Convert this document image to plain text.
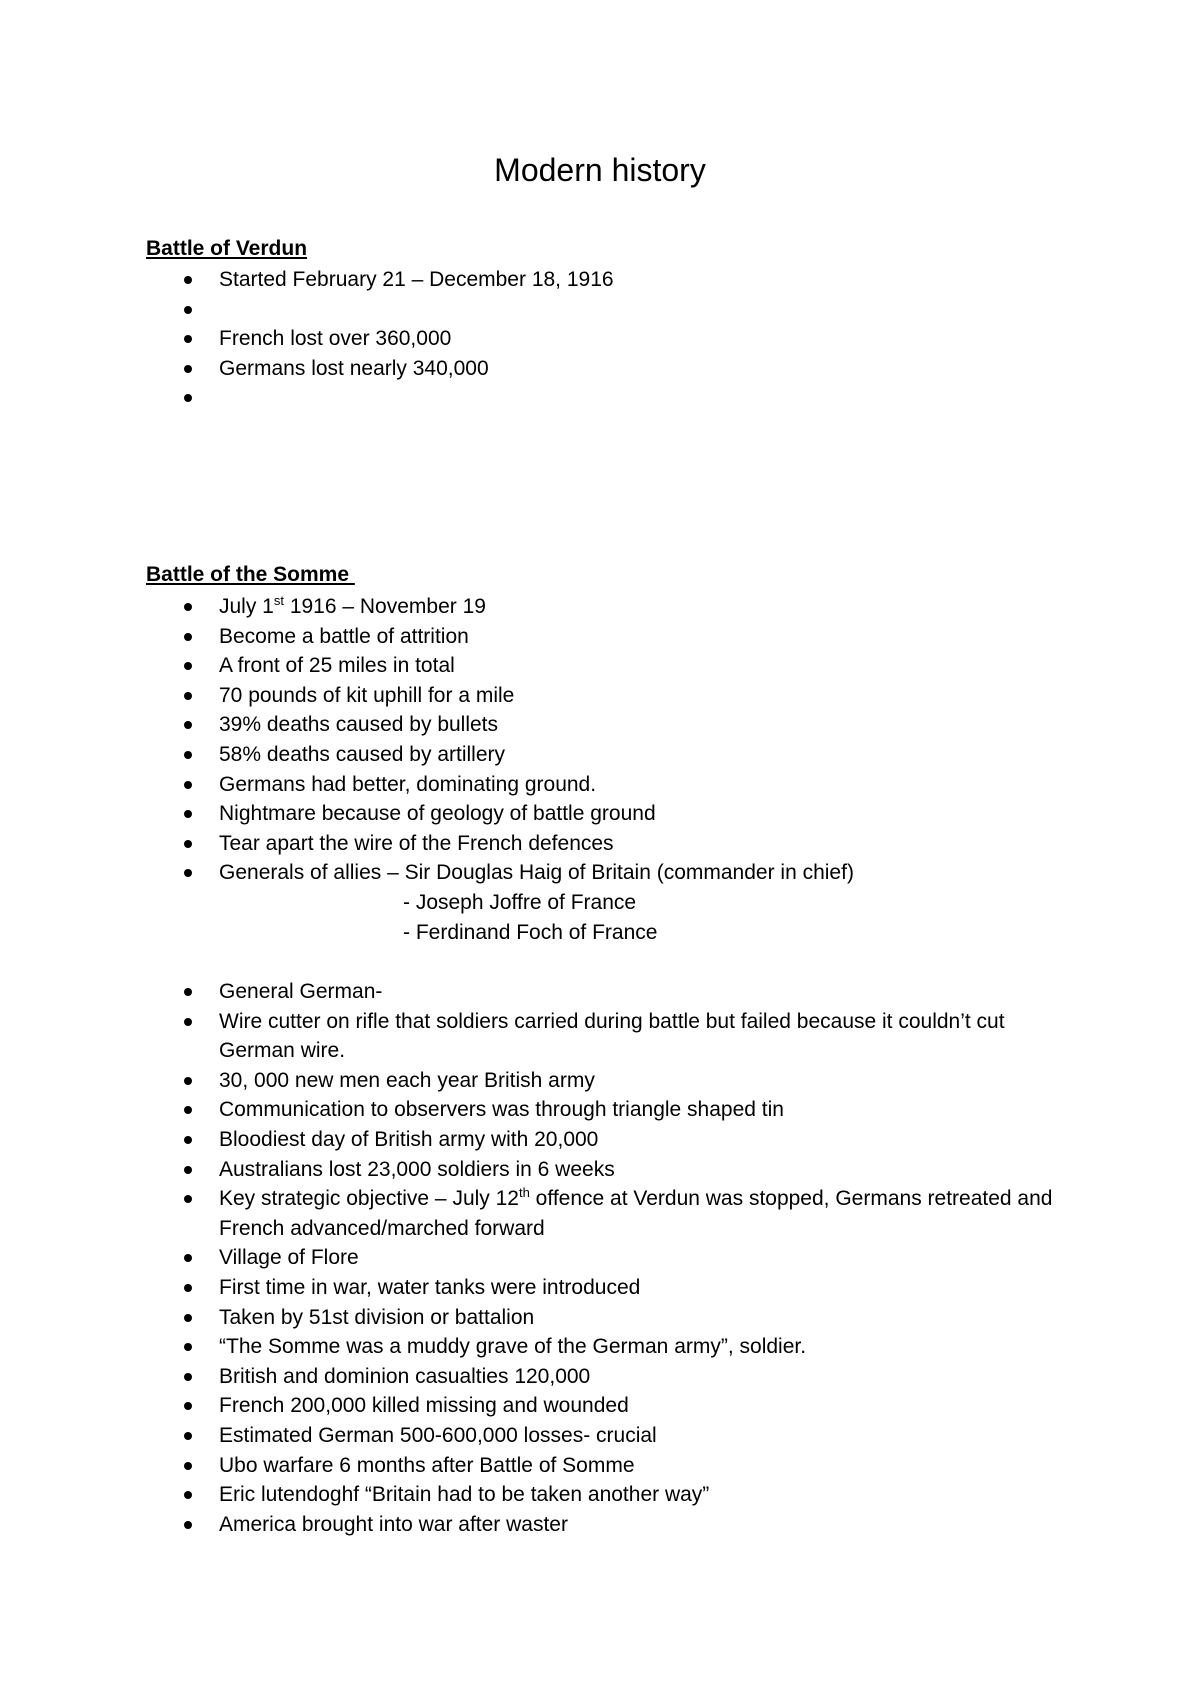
Modern history
Battle of Verdun
Started February 21 – December 18, 1916
French lost over 360,000
Germans lost nearly 340,000
Battle of the Somme
July 1st 1916 – November 19
Become a battle of attrition
A front of 25 miles in total
70 pounds of kit uphill for a mile
39% deaths caused by bullets
58% deaths caused by artillery
Germans had better, dominating ground.
Nightmare because of geology of battle ground
Tear apart the wire of the French defences
Generals of allies – Sir Douglas Haig of Britain (commander in chief)
- Joseph Joffre of France
- Ferdinand Foch of France
General German-
Wire cutter on rifle that soldiers carried during battle but failed because it couldn’t cut German wire.
30, 000 new men each year British army
Communication to observers was through triangle shaped tin
Bloodiest day of British army with 20,000
Australians lost 23,000 soldiers in 6 weeks
Key strategic objective – July 12th offence at Verdun was stopped, Germans retreated and French advanced/marched forward
Village of Flore
First time in war, water tanks were introduced
Taken by 51st division or battalion
“The Somme was a muddy grave of the German army”, soldier.
British and dominion casualties 120,000
French 200,000 killed missing and wounded
Estimated German 500-600,000 losses- crucial
Ubo warfare 6 months after Battle of Somme
Eric lutendoghf “Britain had to be taken another way”
America brought into war after waster
